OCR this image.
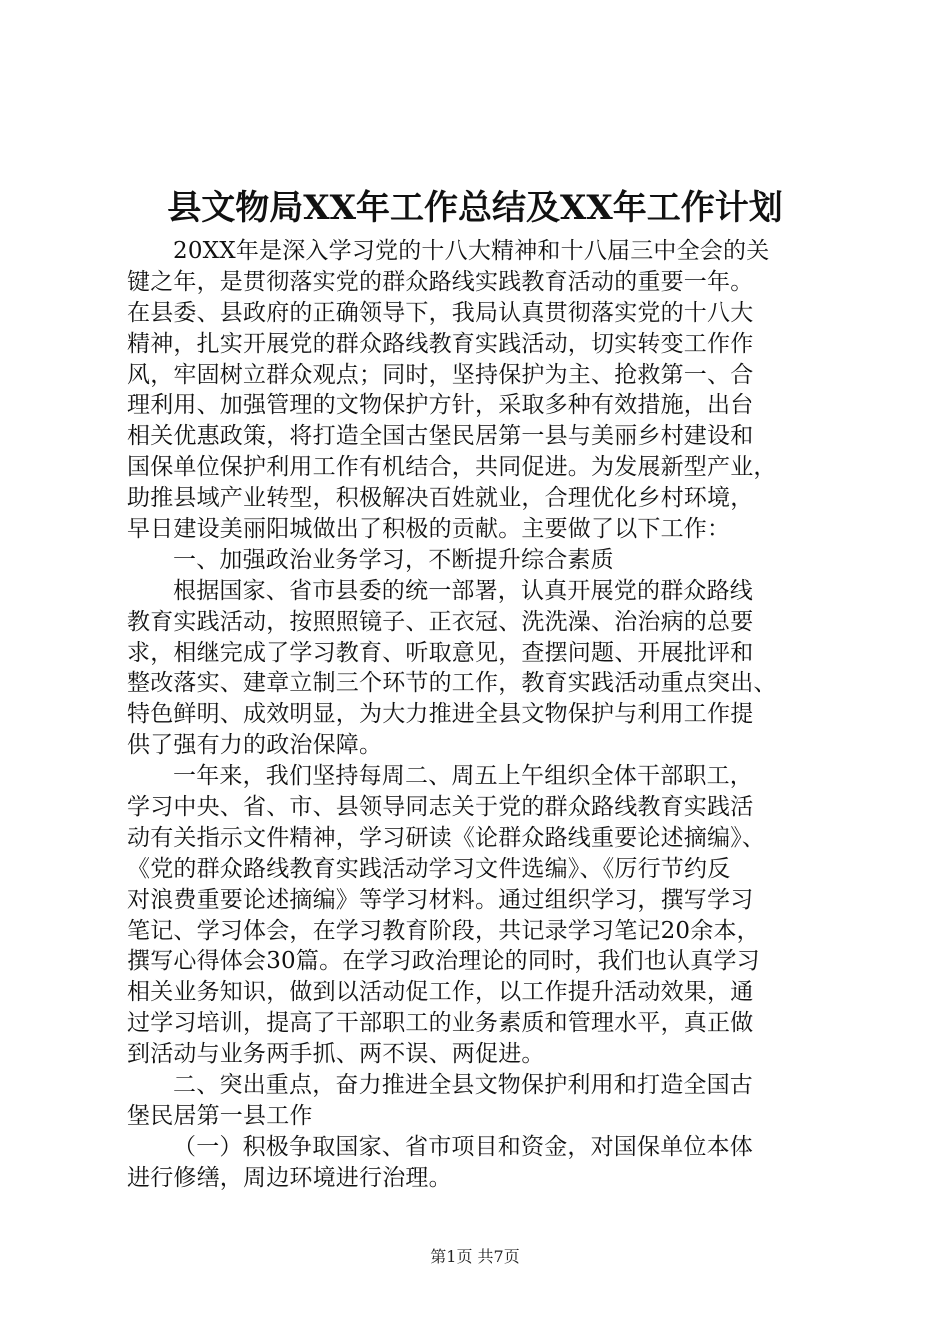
县文物局XX年工作总结及XX年工作计划
20XX年是深入学习党的十八大精神和十八届三中全会的关
键之年，是贯彻落实党的群众路线实践教育活动的重要一年。
在县委、县政府的正确领导下，我局认真贯彻落实党的十八大
精神，扎实开展党的群众路线教育实践活动，切实转变工作作
风，牢固树立群众观点；同时，坚持保护为主、抢救第一、合
理利用、加强管理的文物保护方针，采取多种有效措施，出台
相关优惠政策，将打造全国古堡民居第一县与美丽乡村建设和
国保单位保护利用工作有机结合，共同促进。为发展新型产业，
助推县域产业转型，积极解决百姓就业，合理优化乡村环境，
早日建设美丽阳城做出了积极的贡献。主要做了以下工作：
一、加强政治业务学习，不断提升综合素质
根据国家、省市县委的统一部署，认真开展党的群众路线
教育实践活动，按照照镜子、正衣冠、洗洗澡、治治病的总要
求，相继完成了学习教育、听取意见，查摆问题、开展批评和
整改落实、建章立制三个环节的工作，教育实践活动重点突出、
特色鲜明、成效明显，为大力推进全县文物保护与利用工作提
供了强有力的政治保障。
一年来，我们坚持每周二、周五上午组织全体干部职工，
学习中央、省、市、县领导同志关于党的群众路线教育实践活
动有关指示文件精神，学习研读《论群众路线重要论述摘编》、
《党的群众路线教育实践活动学习文件选编》、《厉行节约反
对浪费重要论述摘编》等学习材料。通过组织学习，撰写学习
笔记、学习体会，在学习教育阶段，共记录学习笔记20余本，
撰写心得体会30篇。在学习政治理论的同时，我们也认真学习
相关业务知识，做到以活动促工作，以工作提升活动效果，通
过学习培训，提高了干部职工的业务素质和管理水平，真正做
到活动与业务两手抓、两不误、两促进。
二、突出重点，奋力推进全县文物保护利用和打造全国古
堡民居第一县工作
（一）积极争取国家、省市项目和资金，对国保单位本体
进行修缮，周边环境进行治理。
第1页 共7页
